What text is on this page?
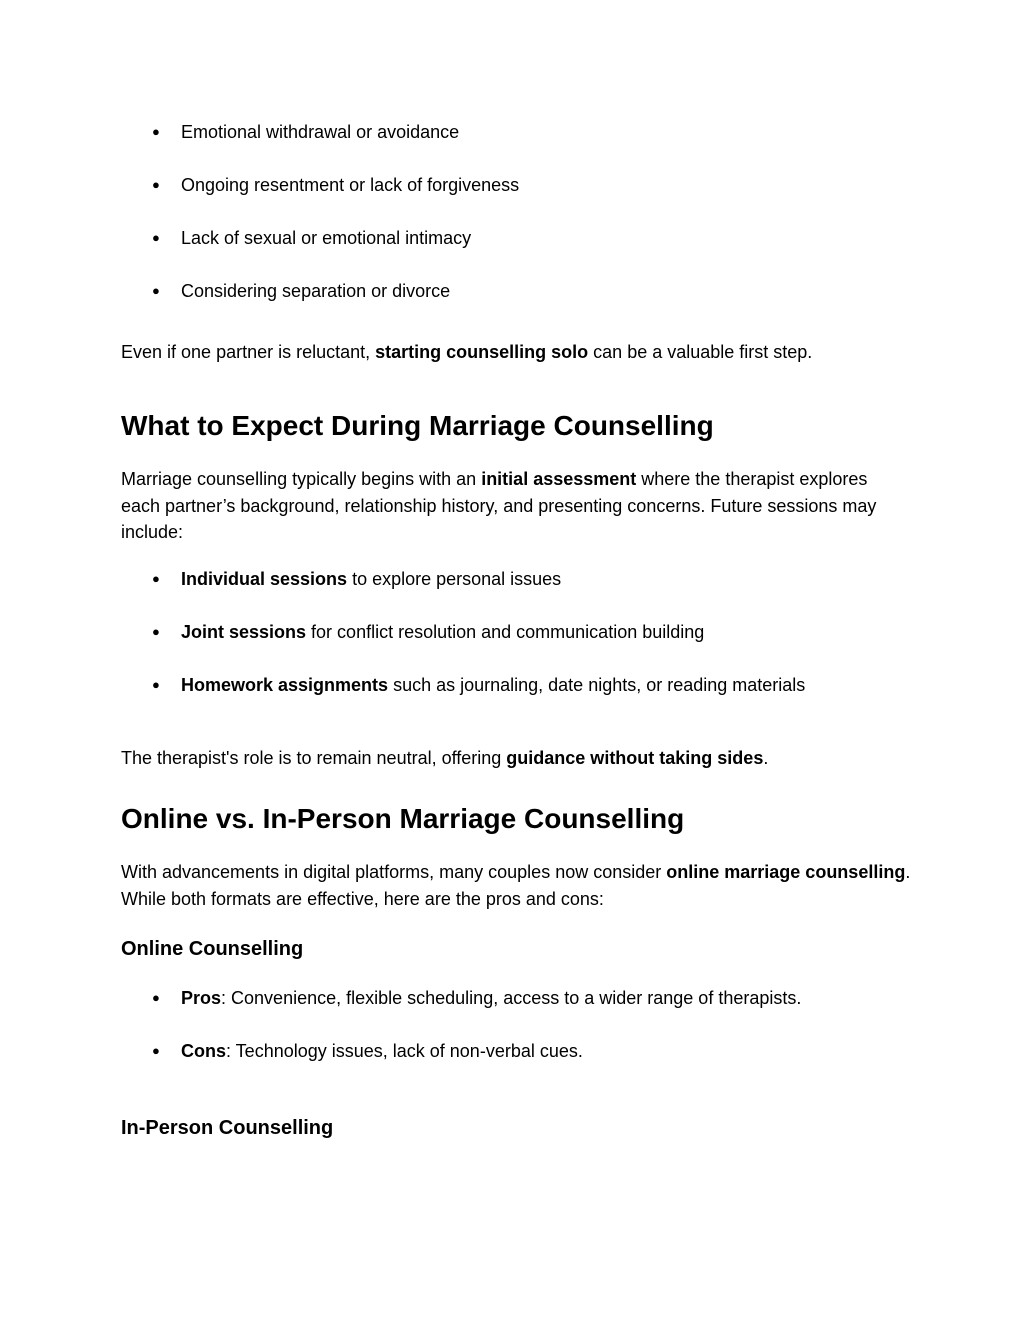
● Emotional withdrawal or avoidance
● Ongoing resentment or lack of forgiveness
● Lack of sexual or emotional intimacy
● Considering separation or divorce

Even if one partner is reluctant, starting counselling solo can be a valuable first step.

What to Expect During Marriage Counselling

Marriage counselling typically begins with an initial assessment where the therapist explores each partner’s background, relationship history, and presenting concerns. Future sessions may include:

● Individual sessions to explore personal issues
● Joint sessions for conflict resolution and communication building
● Homework assignments such as journaling, date nights, or reading materials

The therapist's role is to remain neutral, offering guidance without taking sides.

Online vs. In-Person Marriage Counselling

With advancements in digital platforms, many couples now consider online marriage counselling. While both formats are effective, here are the pros and cons:

Online Counselling
● Pros: Convenience, flexible scheduling, access to a wider range of therapists.
● Cons: Technology issues, lack of non-verbal cues.
In-Person Counselling
